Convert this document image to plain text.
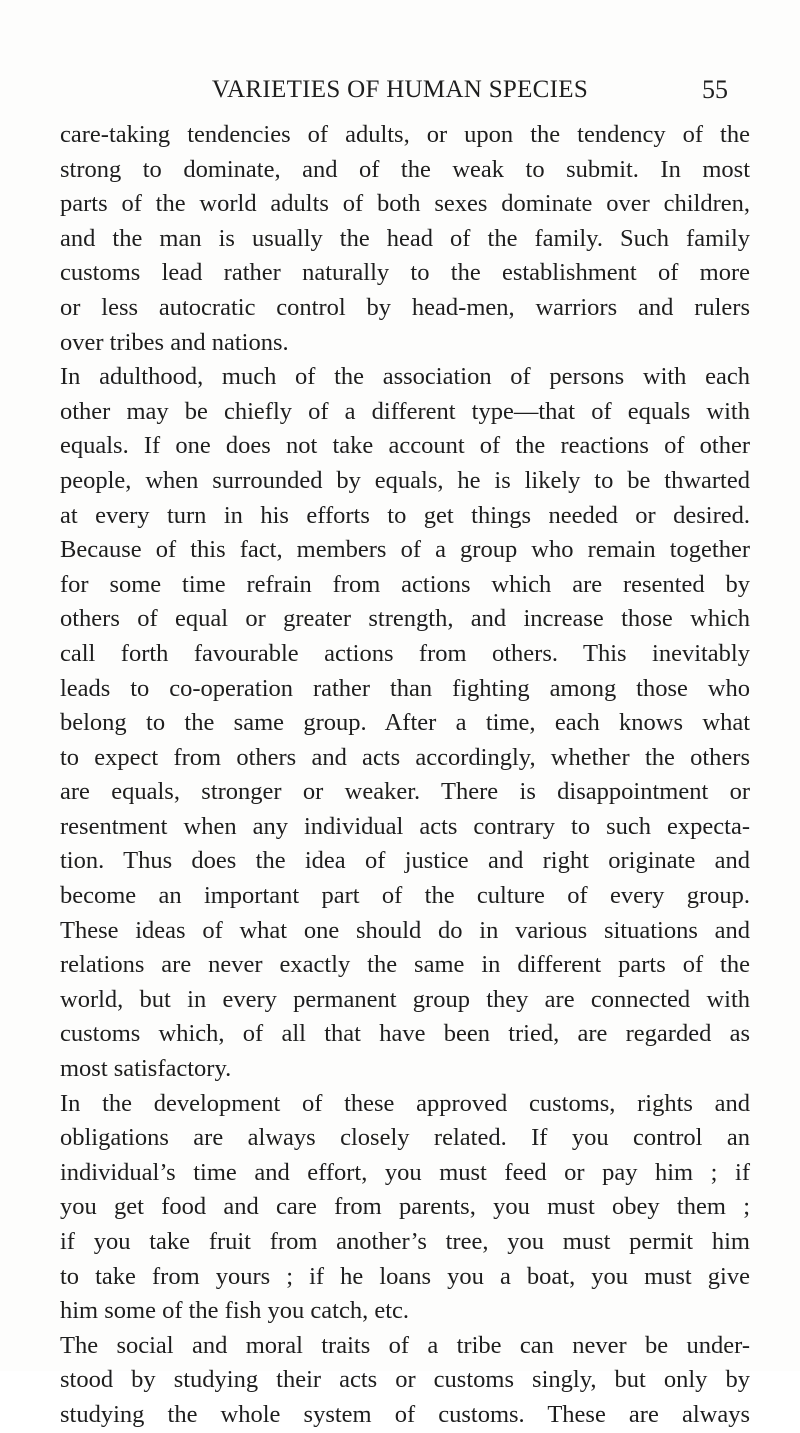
VARIETIES OF HUMAN SPECIES	55

care-taking tendencies of adults, or upon the tendency of the
strong to dominate, and of the weak to submit. In most
parts of the world adults of both sexes dominate over children,
and the man is usually the head of the family. Such family
customs lead rather naturally to the establishment of more
or less autocratic control by head-men, warriors and rulers
over tribes and nations.

In adulthood, much of the association of persons with each
other may be chiefly of a different type—that of equals with
equals. If one does not take account of the reactions of other
people, when surrounded by equals, he is likely to be thwarted
at every turn in his efforts to get things needed or desired.
Because of this fact, members of a group who remain together
for some time refrain from actions which are resented by
others of equal or greater strength, and increase those which
call forth favourable actions from others. This inevitably
leads to co-operation rather than fighting among those who
belong to the same group. After a time, each knows what
to expect from others and acts accordingly, whether the others
are equals, stronger or weaker. There is disappointment or
resentment when any individual acts contrary to such expecta-
tion. Thus does the idea of justice and right originate and
become an important part of the culture of every group.
These ideas of what one should do in various situations and
relations are never exactly the same in different parts of the
world, but in every permanent group they are connected with
customs which, of all that have been tried, are regarded as
most satisfactory.

In the development of these approved customs, rights and
obligations are always closely related. If you control an
individual’s time and effort, you must feed or pay him ; if
you get food and care from parents, you must obey them ;
if you take fruit from another’s tree, you must permit him
to take from yours ; if he loans you a boat, you must give
him some of the fish you catch, etc.

The social and moral traits of a tribe can never be under-
stood by studying their acts or customs singly, but only by
studying the whole system of customs. These are always
